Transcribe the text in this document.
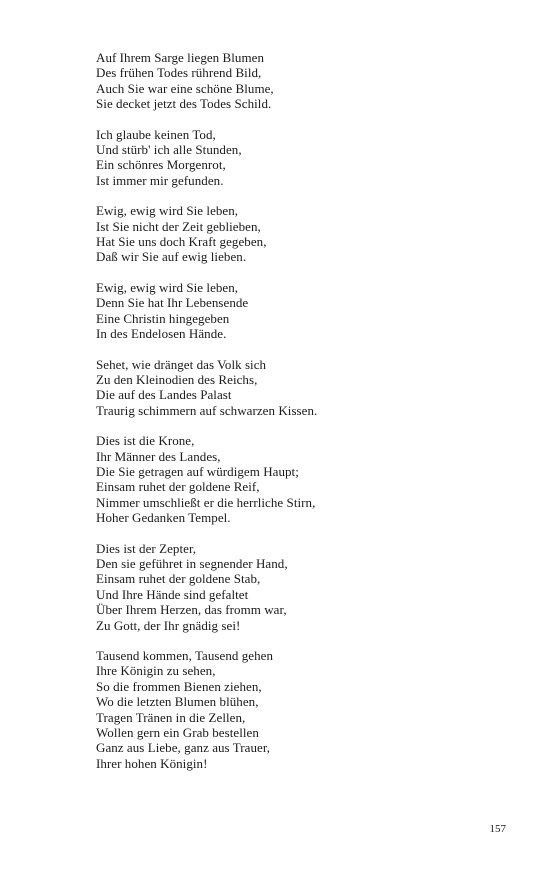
Auf Ihrem Sarge liegen Blumen
Des frühen Todes rührend Bild,
Auch Sie war eine schöne Blume,
Sie decket jetzt des Todes Schild.
Ich glaube keinen Tod,
Und stürb' ich alle Stunden,
Ein schönres Morgenrot,
Ist immer mir gefunden.
Ewig, ewig wird Sie leben,
Ist Sie nicht der Zeit geblieben,
Hat Sie uns doch Kraft gegeben,
Daß wir Sie auf ewig lieben.
Ewig, ewig wird Sie leben,
Denn Sie hat Ihr Lebensende
Eine Christin hingegeben
In des Endelosen Hände.
Sehet, wie dränget das Volk sich
Zu den Kleinodien des Reichs,
Die auf des Landes Palast
Traurig schimmern auf schwarzen Kissen.
Dies ist die Krone,
Ihr Männer des Landes,
Die Sie getragen auf würdigem Haupt;
Einsam ruhet der goldene Reif,
Nimmer umschließt er die herrliche Stirn,
Hoher Gedanken Tempel.
Dies ist der Zepter,
Den sie geführet in segnender Hand,
Einsam ruhet der goldene Stab,
Und Ihre Hände sind gefaltet
Über Ihrem Herzen, das fromm war,
Zu Gott, der Ihr gnädig sei!
Tausend kommen, Tausend gehen
Ihre Königin zu sehen,
So die frommen Bienen ziehen,
Wo die letzten Blumen blühen,
Tragen Tränen in die Zellen,
Wollen gern ein Grab bestellen
Ganz aus Liebe, ganz aus Trauer,
Ihrer hohen Königin!
157
